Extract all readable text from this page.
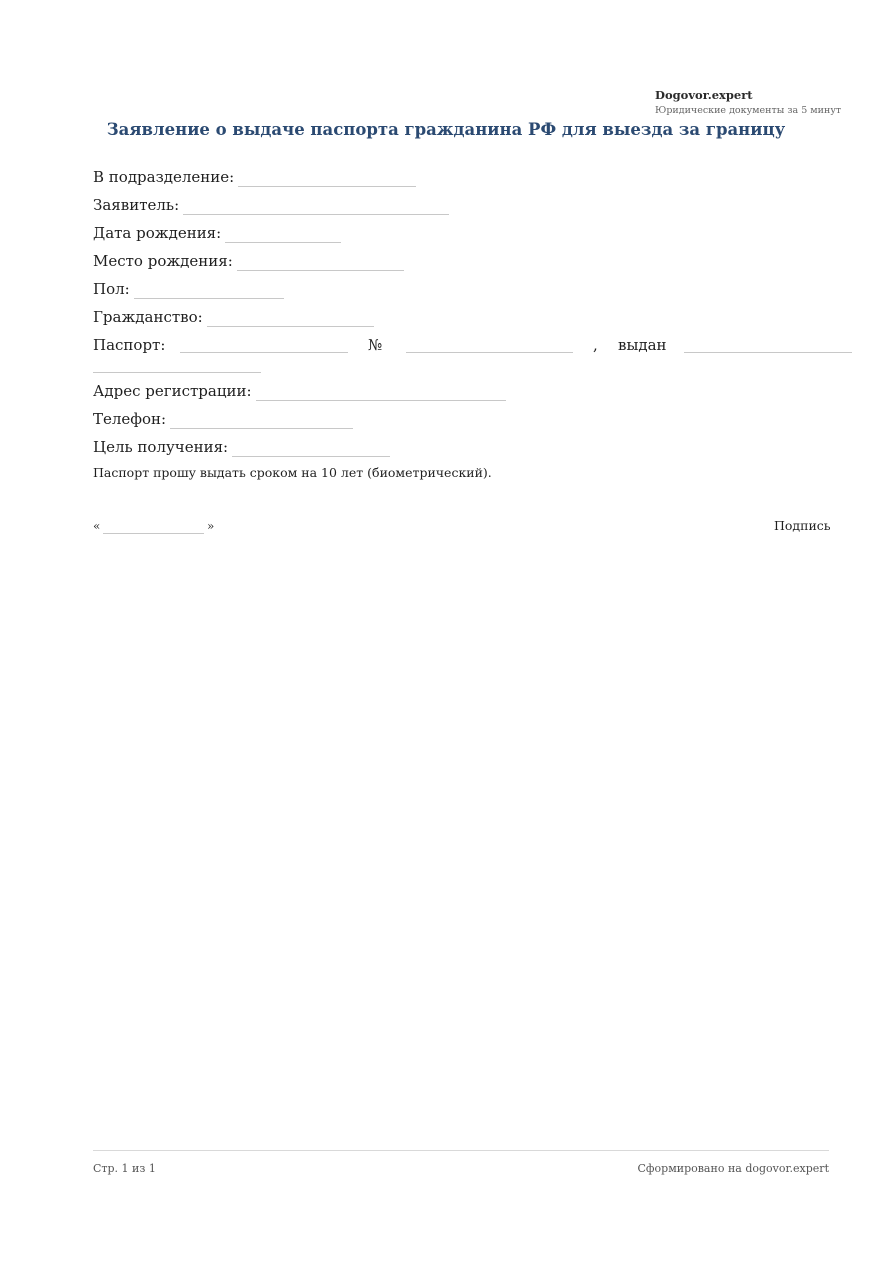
Dogovor.expert
Юридические документы за 5 минут
Заявление о выдаче паспорта гражданина РФ для выезда за границу
В подразделение:
Заявитель:
Дата рождения:
Место рождения:
Пол:
Гражданство:
Паспорт:	№	, выдан
Адрес регистрации:
Телефон:
Цель получения:
Паспорт прошу выдать сроком на 10 лет (биометрический).
«	»	Подпись
Стр. 1 из 1	Сформировано на dogovor.expert
